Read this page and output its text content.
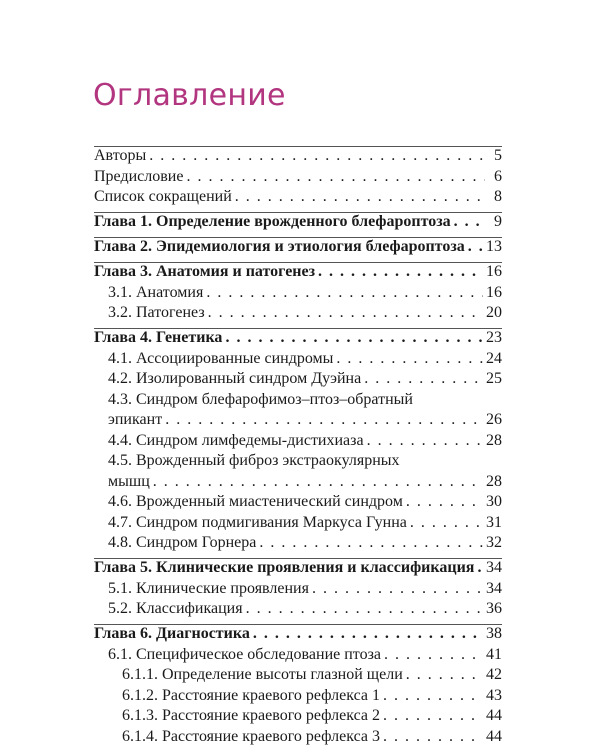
Оглавление
Авторы . . .	5
Предисловие . . .	6
Список сокращений . . .	8
Глава 1. Определение врожденного блефароптоза . . .	9
Глава 2. Эпидемиология и этиология блефароптоза . . . 13
Глава 3. Анатомия и патогенез . . .	16
3.1. Анатомия . . .	16
3.2. Патогенез . . .	20
Глава 4. Генетика . . .	23
4.1. Ассоциированные синдромы . . .	24
4.2. Изолированный синдром Дуэйна . . .	25
4.3. Синдром блефарофимоз–птоз–обратный
эпикант . . .	26
4.4. Синдром лимфедемы-дистихиаза . . .	28
4.5. Врожденный фиброз экстраокулярных
мышц . . .	28
4.6. Врожденный миастенический синдром . . .	30
4.7. Синдром подмигивания Маркуса Гунна . . .	31
4.8. Синдром Горнера . . .	32
Глава 5. Клинические проявления и классификация . . . 34
5.1. Клинические проявления . . .	34
5.2. Классификация . . .	36
Глава 6. Диагностика . . .	38
6.1. Специфическое обследование птоза . . .	41
6.1.1. Определение высоты глазной щели . . .	42
6.1.2. Расстояние краевого рефлекса 1 . . .	43
6.1.3. Расстояние краевого рефлекса 2 . . .	44
6.1.4. Расстояние краевого рефлекса 3 . . .	44
